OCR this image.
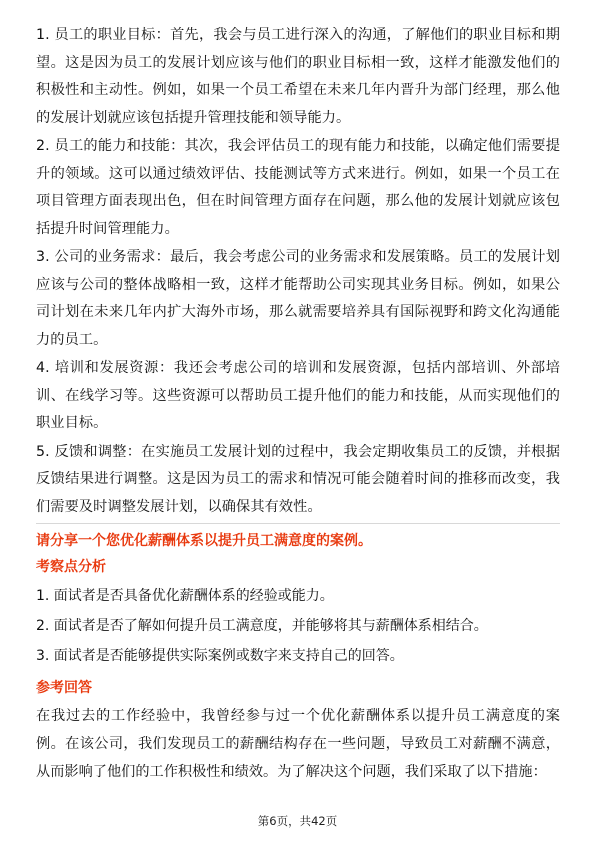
1. 员工的职业目标：首先，我会与员工进行深入的沟通，了解他们的职业目标和期望。这是因为员工的发展计划应该与他们的职业目标相一致，这样才能激发他们的积极性和主动性。例如，如果一个员工希望在未来几年内晋升为部门经理，那么他的发展计划就应该包括提升管理技能和领导能力。

2. 员工的能力和技能：其次，我会评估员工的现有能力和技能，以确定他们需要提升的领域。这可以通过绩效评估、技能测试等方式来进行。例如，如果一个员工在项目管理方面表现出色，但在时间管理方面存在问题，那么他的发展计划就应该包括提升时间管理能力。

3. 公司的业务需求：最后，我会考虑公司的业务需求和发展策略。员工的发展计划应该与公司的整体战略相一致，这样才能帮助公司实现其业务目标。例如，如果公司计划在未来几年内扩大海外市场，那么就需要培养具有国际视野和跨文化沟通能力的员工。

4. 培训和发展资源：我还会考虑公司的培训和发展资源，包括内部培训、外部培训、在线学习等。这些资源可以帮助员工提升他们的能力和技能，从而实现他们的职业目标。

5. 反馈和调整：在实施员工发展计划的过程中，我会定期收集员工的反馈，并根据反馈结果进行调整。这是因为员工的需求和情况可能会随着时间的推移而改变，我们需要及时调整发展计划，以确保其有效性。

请分享一个您优化薪酬体系以提升员工满意度的案例。

考察点分析

1. 面试者是否具备优化薪酬体系的经验或能力。

2. 面试者是否了解如何提升员工满意度，并能够将其与薪酬体系相结合。

3. 面试者是否能够提供实际案例或数字来支持自己的回答。

参考回答

在我过去的工作经验中，我曾经参与过一个优化薪酬体系以提升员工满意度的案例。在该公司，我们发现员工的薪酬结构存在一些问题，导致员工对薪酬不满意，从而影响了他们的工作积极性和绩效。为了解决这个问题，我们采取了以下措施：

第6页，共42页
